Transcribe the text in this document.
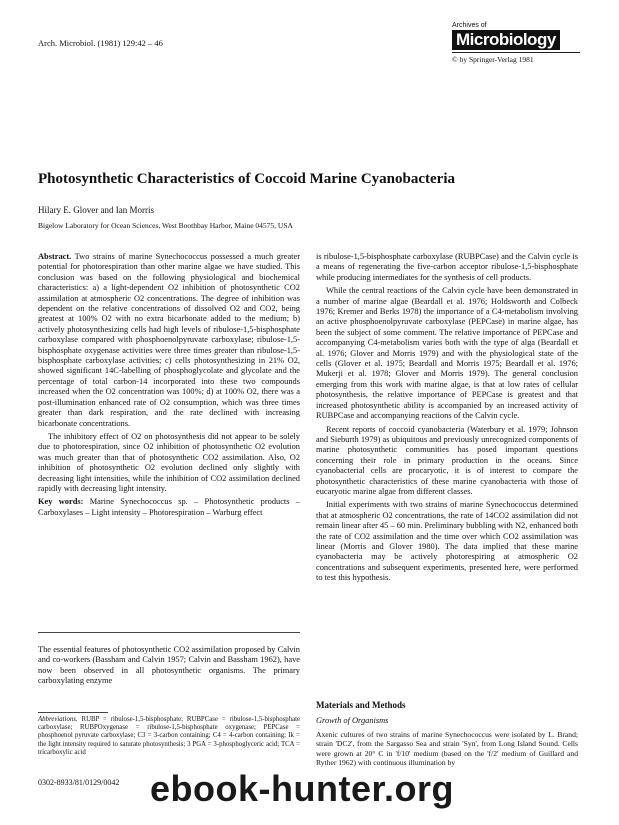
Arch. Microbiol. (1981) 129:42 – 46
Archives of
Microbiology
© by Springer-Verlag 1981
Photosynthetic Characteristics of Coccoid Marine Cyanobacteria
Hilary E. Glover and Ian Morris
Bigelow Laboratory for Ocean Sciences, West Boothbay Harbor, Maine 04575, USA

Abstract. Two strains of marine Synechococcus possessed a much greater potential for photorespiration than other marine algae we have studied. This conclusion was based on the following physiological and biochemical characteristics: a) a light-dependent O2 inhibition of photosynthetic CO2 assimilation at atmospheric O2 concentrations. The degree of inhibition was dependent on the relative concentrations of dissolved O2 and CO2, being greatest at 100% O2 with no extra bicarbonate added to the medium; b) actively photosynthesizing cells had high levels of ribulose-1,5-bisphosphate carboxylase compared with phosphoenolpyruvate carboxylase; ribulose-1,5-bisphosphate oxygenase activities were three times greater than ribulose-1,5-bisphosphate carboxylase activities; c) cells photosynthesizing in 21% O2, showed significant 14C-labelling of phosphoglycolate and glycolate and the percentage of total carbon-14 incorporated into these two compounds increased when the O2 concentration was 100%; d) at 100% O2, there was a post-illumination enhanced rate of O2 consumption, which was three times greater than dark respiration, and the rate declined with increasing bicarbonate concentrations.

The inhibitory effect of O2 on photosynthesis did not appear to be solely due to photorespiration, since O2 inhibition of photosynthetic O2 evolution was much greater than that of photosynthetic CO2 assimilation. Also, O2 inhibition of photosynthetic O2 evolution declined only slightly with decreasing light intensities, while the inhibition of CO2 assimilation declined rapidly with decreasing light intensity.

Key words: Marine Synechococcus sp. – Photosynthetic products – Carboxylases – Light intensity – Photorespiration – Warburg effect

The essential features of photosynthetic CO2 assimilation proposed by Calvin and co-workers (Bassham and Calvin 1957; Calvin and Bassham 1962), have now been observed in all photosynthetic organisms. The primary carboxylating enzyme
Abbreviations. RUBP = ribulose-1,5-bisphosphate; RUBPCase = ribulose-1,5-bisphosphate carboxylase; RUBPOxygenase = ribulose-1,5-bisphosphate oxygenase; PEPCase = phosphoenol pyruvate carboxylase; C3 = 3-carbon containing; C4 = 4-carbon containing; Ik = the light intensity required to saturate photosynthesis; 3 PGA = 3-phosphoglyceric acid; TCA = tricarboxylic acid
0302-8933/81/0129/0042

is ribulose-1,5-bisphosphate carboxylase (RUBPCase) and the Calvin cycle is a means of regenerating the five-carbon acceptor ribulose-1,5-bisphosphate while producing intermediates for the synthesis of cell products.

While the central reactions of the Calvin cycle have been demonstrated in a number of marine algae (Beardall et al. 1976; Holdsworth and Colbeck 1976; Kremer and Berks 1978) the importance of a C4-metabolism involving an active phosphoenolpyruvate carboxylase (PEPCase) in marine algae, has been the subject of some comment. The relative importance of PEPCase and accompanying C4-metabolism varies both with the type of alga (Beardall et al. 1976; Glover and Morris 1979) and with the physiological state of the cells (Glover et al. 1975; Beardall and Morris 1975; Beardall et al. 1976; Mukerji et al. 1978; Glover and Morris 1979). The general conclusion emerging from this work with marine algae, is that at low rates of cellular photosynthesis, the relative importance of PEPCase is greatest and that increased photosynthetic ability is accompanied by an increased activity of RUBPCase and accompanying reactions of the Calvin cycle.

Recent reports of coccoid cyanobacteria (Waterbury et al. 1979; Johnson and Sieburth 1979) as ubiquitous and previously unrecognized components of marine photosynthetic communities has posed important questions concerning their role in primary production in the oceans. Since cyanobacterial cells are procaryotic, it is of interest to compare the photosynthetic characteristics of these marine cyanobacteria with those of eucaryotic marine algae from different classes.

Initial experiments with two strains of marine Synechococcus determined that at atmospheric O2 concentrations, the rate of 14CO2 assimilation did not remain linear after 45 – 60 min. Preliminary bubbling with N2, enhanced both the rate of CO2 assimilation and the time over which CO2 assimilation was linear (Morris and Glover 1980). The data implied that these marine cyanobacteria may be actively photorespiring at atmospheric O2 concentrations and subsequent experiments, presented here, were performed to test this hypothesis.

Materials and Methods
Growth of Organisms
Axenic cultures of two strains of marine Synechococcus were isolated by L. Brand; strain 'DC2', from the Sargasso Sea and strain 'Syn', from Long Island Sound. Cells were grown at 20° C in 'f/10' medium (based on the 'f/2' medium of Guillard and Ryther 1962) with continuous illumination by
ebook-hunter.org
